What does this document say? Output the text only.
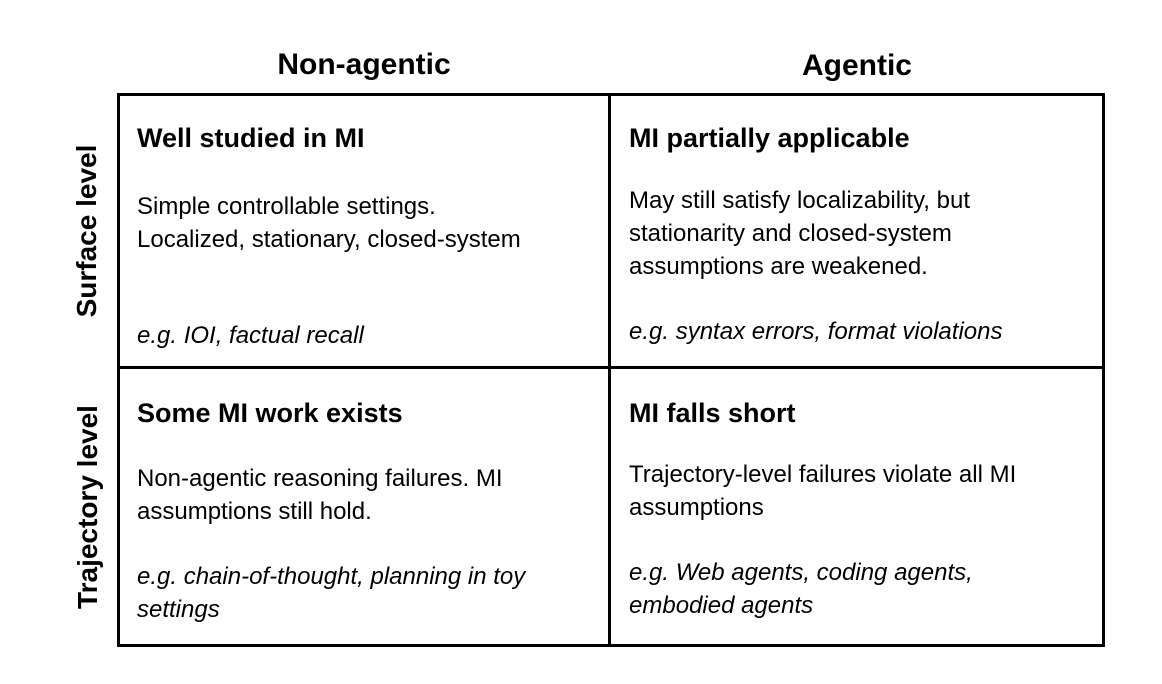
Non-agentic	Agentic
Surface level
Trajectory level
Well studied in MI
Simple controllable settings.
Localized, stationary, closed-system
e.g. IOI, factual recall
MI partially applicable
May still satisfy localizability, but
stationarity and closed-system
assumptions are weakened.
e.g. syntax errors, format violations
Some MI work exists
Non-agentic reasoning failures. MI
assumptions still hold.
e.g. chain-of-thought, planning in toy
settings
MI falls short
Trajectory-level failures violate all MI
assumptions
e.g. Web agents, coding agents,
embodied agents
